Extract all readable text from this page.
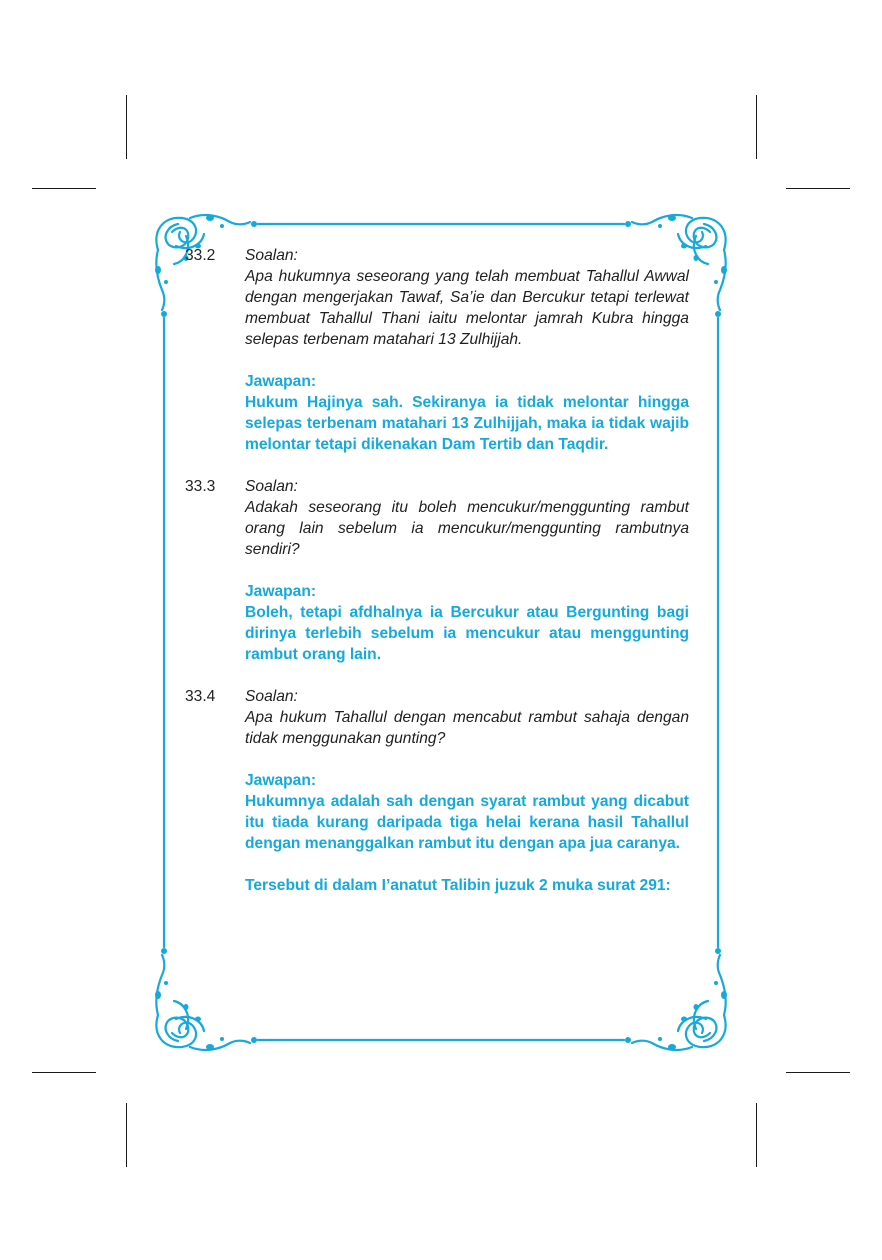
33.2	Soalan:
Apa hukumnya seseorang yang telah membuat Tahallul Awwal dengan mengerjakan Tawaf, Sa’ie dan Bercukur tetapi terlewat membuat Tahallul Thani iaitu melontar jamrah Kubra hingga selepas terbenam matahari 13 Zulhijjah.
Jawapan:
Hukum Hajinya sah. Sekiranya ia tidak melontar hingga selepas terbenam matahari 13 Zulhijjah, maka ia tidak wajib melontar tetapi dikenakan Dam Tertib dan Taqdir.
33.3	Soalan:
Adakah seseorang itu boleh mencukur/menggunting rambut orang lain sebelum ia mencukur/menggunting rambutnya sendiri?
Jawapan:
Boleh, tetapi afdhalnya ia Bercukur atau Bergunting bagi dirinya terlebih sebelum ia mencukur atau menggunting rambut orang lain.
33.4	Soalan:
Apa hukum Tahallul dengan mencabut rambut sahaja dengan tidak menggunakan gunting?
Jawapan:
Hukumnya adalah sah dengan syarat rambut yang dicabut itu tiada kurang daripada tiga helai kerana hasil Tahallul dengan menanggalkan rambut itu dengan apa jua caranya.
Tersebut di dalam I’anatut Talibin juzuk 2 muka surat 291:
